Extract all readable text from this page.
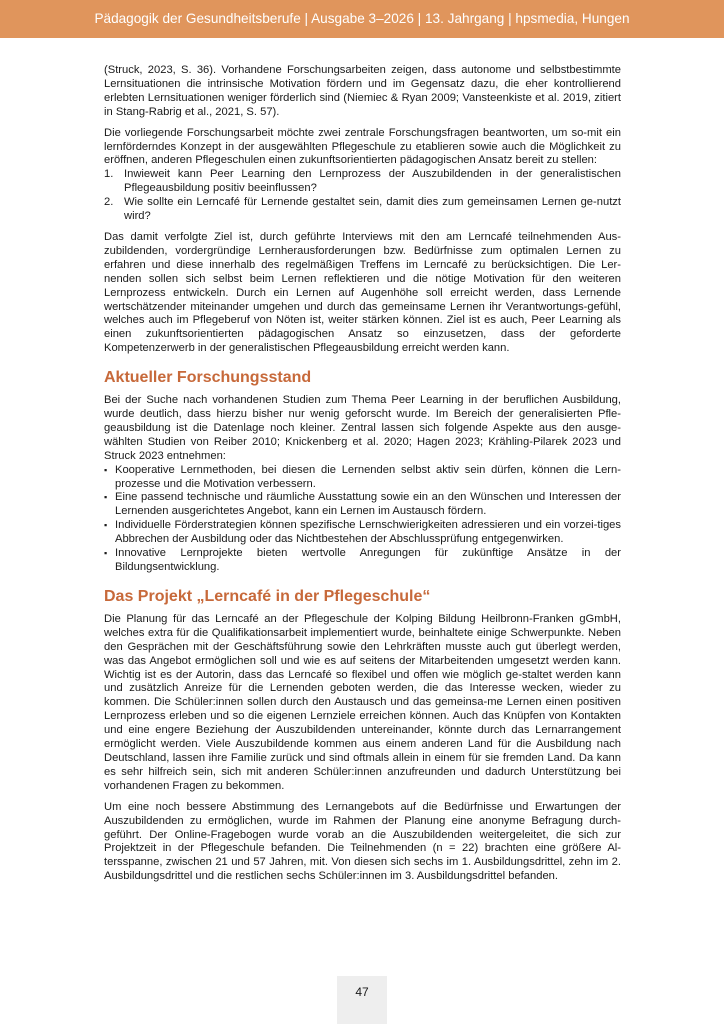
Pädagogik der Gesundheitsberufe | Ausgabe 3–2026 | 13. Jahrgang | hpsmedia, Hungen

(Struck, 2023, S. 36). Vorhandene Forschungsarbeiten zeigen, dass autonome und selbstbestimmte Lernsituationen die intrinsische Motivation fördern und im Gegensatz dazu, die eher kontrollierend erlebten Lernsituationen weniger förderlich sind (Niemiec & Ryan 2009; Vansteenkiste et al. 2019, zitiert in Stang-Rabrig et al., 2021, S. 57).

Die vorliegende Forschungsarbeit möchte zwei zentrale Forschungsfragen beantworten, um so-mit ein lernförderndes Konzept in der ausgewählten Pflegeschule zu etablieren sowie auch die Möglichkeit zu eröffnen, anderen Pflegeschulen einen zukunftsorientierten pädagogischen Ansatz bereit zu stellen:

1. Inwieweit kann Peer Learning den Lernprozess der Auszubildenden in der generalistischen Pflegeausbildung positiv beeinflussen?
2. Wie sollte ein Lerncafé für Lernende gestaltet sein, damit dies zum gemeinsamen Lernen ge-nutzt wird?

Das damit verfolgte Ziel ist, durch geführte Interviews mit den am Lerncafé teilnehmenden Aus-zubildenden, vordergründige Lernherausforderungen bzw. Bedürfnisse zum optimalen Lernen zu erfahren und diese innerhalb des regelmäßigen Treffens im Lerncafé zu berücksichtigen. Die Ler-nenden sollen sich selbst beim Lernen reflektieren und die nötige Motivation für den weiteren Lernprozess entwickeln. Durch ein Lernen auf Augenhöhe soll erreicht werden, dass Lernende wertschätzender miteinander umgehen und durch das gemeinsame Lernen ihr Verantwortungs-gefühl, welches auch im Pflegeberuf von Nöten ist, weiter stärken können. Ziel ist es auch, Peer Learning als einen zukunftsorientierten pädagogischen Ansatz so einzusetzen, dass der geforderte Kompetenzerwerb in der generalistischen Pflegeausbildung erreicht werden kann.

Aktueller Forschungsstand

Bei der Suche nach vorhandenen Studien zum Thema Peer Learning in der beruflichen Ausbildung, wurde deutlich, dass hierzu bisher nur wenig geforscht wurde. Im Bereich der generalisierten Pfle-geausbildung ist die Datenlage noch kleiner. Zentral lassen sich folgende Aspekte aus den ausge-wählten Studien von Reiber 2010; Knickenberg et al. 2020; Hagen 2023; Krähling-Pilarek 2023 und Struck 2023 entnehmen:

▪ Kooperative Lernmethoden, bei diesen die Lernenden selbst aktiv sein dürfen, können die Lern-prozesse und die Motivation verbessern.
▪ Eine passend technische und räumliche Ausstattung sowie ein an den Wünschen und Interessen der Lernenden ausgerichtetes Angebot, kann ein Lernen im Austausch fördern.
▪ Individuelle Förderstrategien können spezifische Lernschwierigkeiten adressieren und ein vorzei-tiges Abbrechen der Ausbildung oder das Nichtbestehen der Abschlussprüfung entgegenwirken.
▪ Innovative Lernprojekte bieten wertvolle Anregungen für zukünftige Ansätze in der Bildungsentwicklung.
Das Projekt „Lerncafé in der Pflegeschule“

Die Planung für das Lerncafé an der Pflegeschule der Kolping Bildung Heilbronn-Franken gGmbH, welches extra für die Qualifikationsarbeit implementiert wurde, beinhaltete einige Schwerpunkte. Neben den Gesprächen mit der Geschäftsführung sowie den Lehrkräften musste auch gut überlegt werden, was das Angebot ermöglichen soll und wie es auf seitens der Mitarbeitenden umgesetzt werden kann. Wichtig ist es der Autorin, dass das Lerncafé so flexibel und offen wie möglich ge-staltet werden kann und zusätzlich Anreize für die Lernenden geboten werden, die das Interesse wecken, wieder zu kommen. Die Schüler:innen sollen durch den Austausch und das gemeinsa-me Lernen einen positiven Lernprozess erleben und so die eigenen Lernziele erreichen können. Auch das Knüpfen von Kontakten und eine engere Beziehung der Auszubildenden untereinander, könnte durch das Lernarrangement ermöglicht werden. Viele Auszubildende kommen aus einem anderen Land für die Ausbildung nach Deutschland, lassen ihre Familie zurück und sind oftmals allein in einem für sie fremden Land. Da kann es sehr hilfreich sein, sich mit anderen Schüler:innen anzufreunden und dadurch Unterstützung bei vorhandenen Fragen zu bekommen.

Um eine noch bessere Abstimmung des Lernangebots auf die Bedürfnisse und Erwartungen der Auszubildenden zu ermöglichen, wurde im Rahmen der Planung eine anonyme Befragung durch-geführt. Der Online-Fragebogen wurde vorab an die Auszubildenden weitergeleitet, die sich zur Projektzeit in der Pflegeschule befanden. Die Teilnehmenden (n = 22) brachten eine größere Al-tersspanne, zwischen 21 und 57 Jahren, mit. Von diesen sich sechs im 1. Ausbildungsdrittel, zehn im 2. Ausbildungsdrittel und die restlichen sechs Schüler:innen im 3. Ausbildungsdrittel befanden.

47
